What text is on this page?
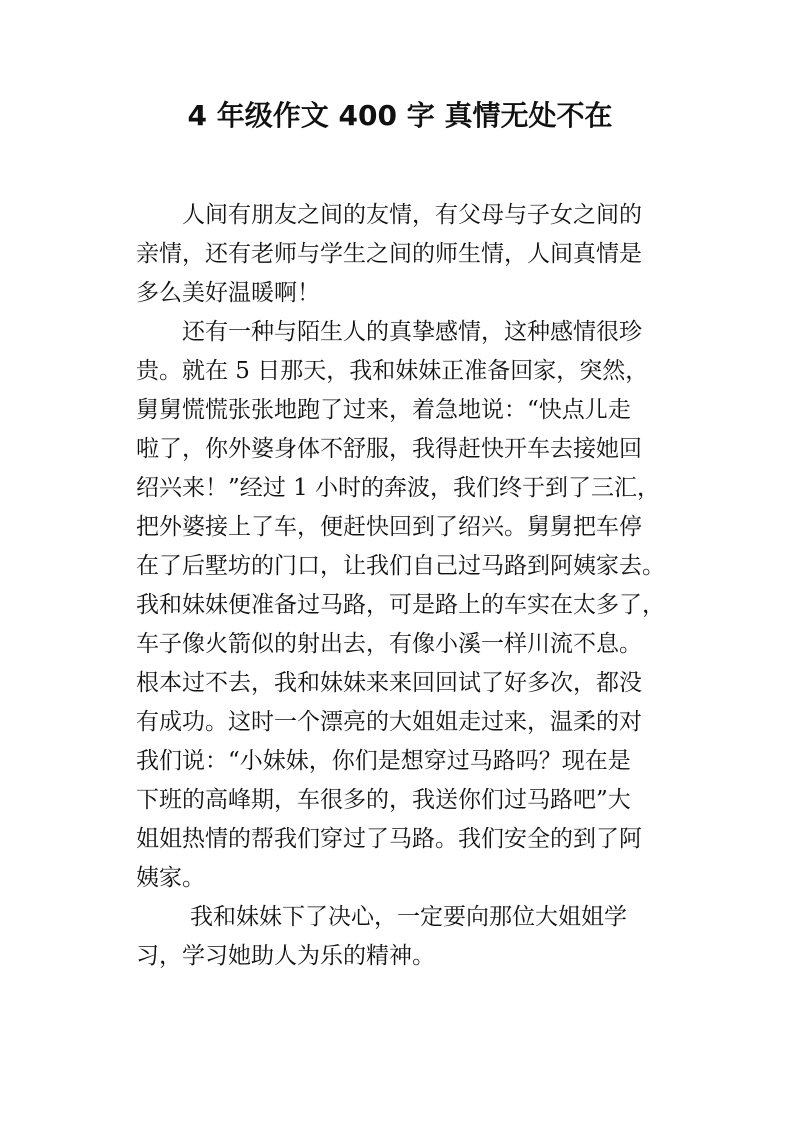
4 年级作文 400 字 真情无处不在
人间有朋友之间的友情，有父母与子女之间的
亲情，还有老师与学生之间的师生情，人间真情是
多么美好温暖啊！
还有一种与陌生人的真挚感情，这种感情很珍
贵。就在 5 日那天，我和妹妹正准备回家，突然，
舅舅慌慌张张地跑了过来，着急地说：“快点儿走
啦了，你外婆身体不舒服，我得赶快开车去接她回
绍兴来！”经过 1 小时的奔波，我们终于到了三汇，
把外婆接上了车，便赶快回到了绍兴。舅舅把车停
在了后墅坊的门口，让我们自己过马路到阿姨家去。
我和妹妹便准备过马路，可是路上的车实在太多了，
车子像火箭似的射出去，有像小溪一样川流不息。
根本过不去，我和妹妹来来回回试了好多次，都没
有成功。这时一个漂亮的大姐姐走过来，温柔的对
我们说：“小妹妹，你们是想穿过马路吗？现在是
下班的高峰期，车很多的，我送你们过马路吧”大
姐姐热情的帮我们穿过了马路。我们安全的到了阿
姨家。
我和妹妹下了决心，一定要向那位大姐姐学
习，学习她助人为乐的精神。
